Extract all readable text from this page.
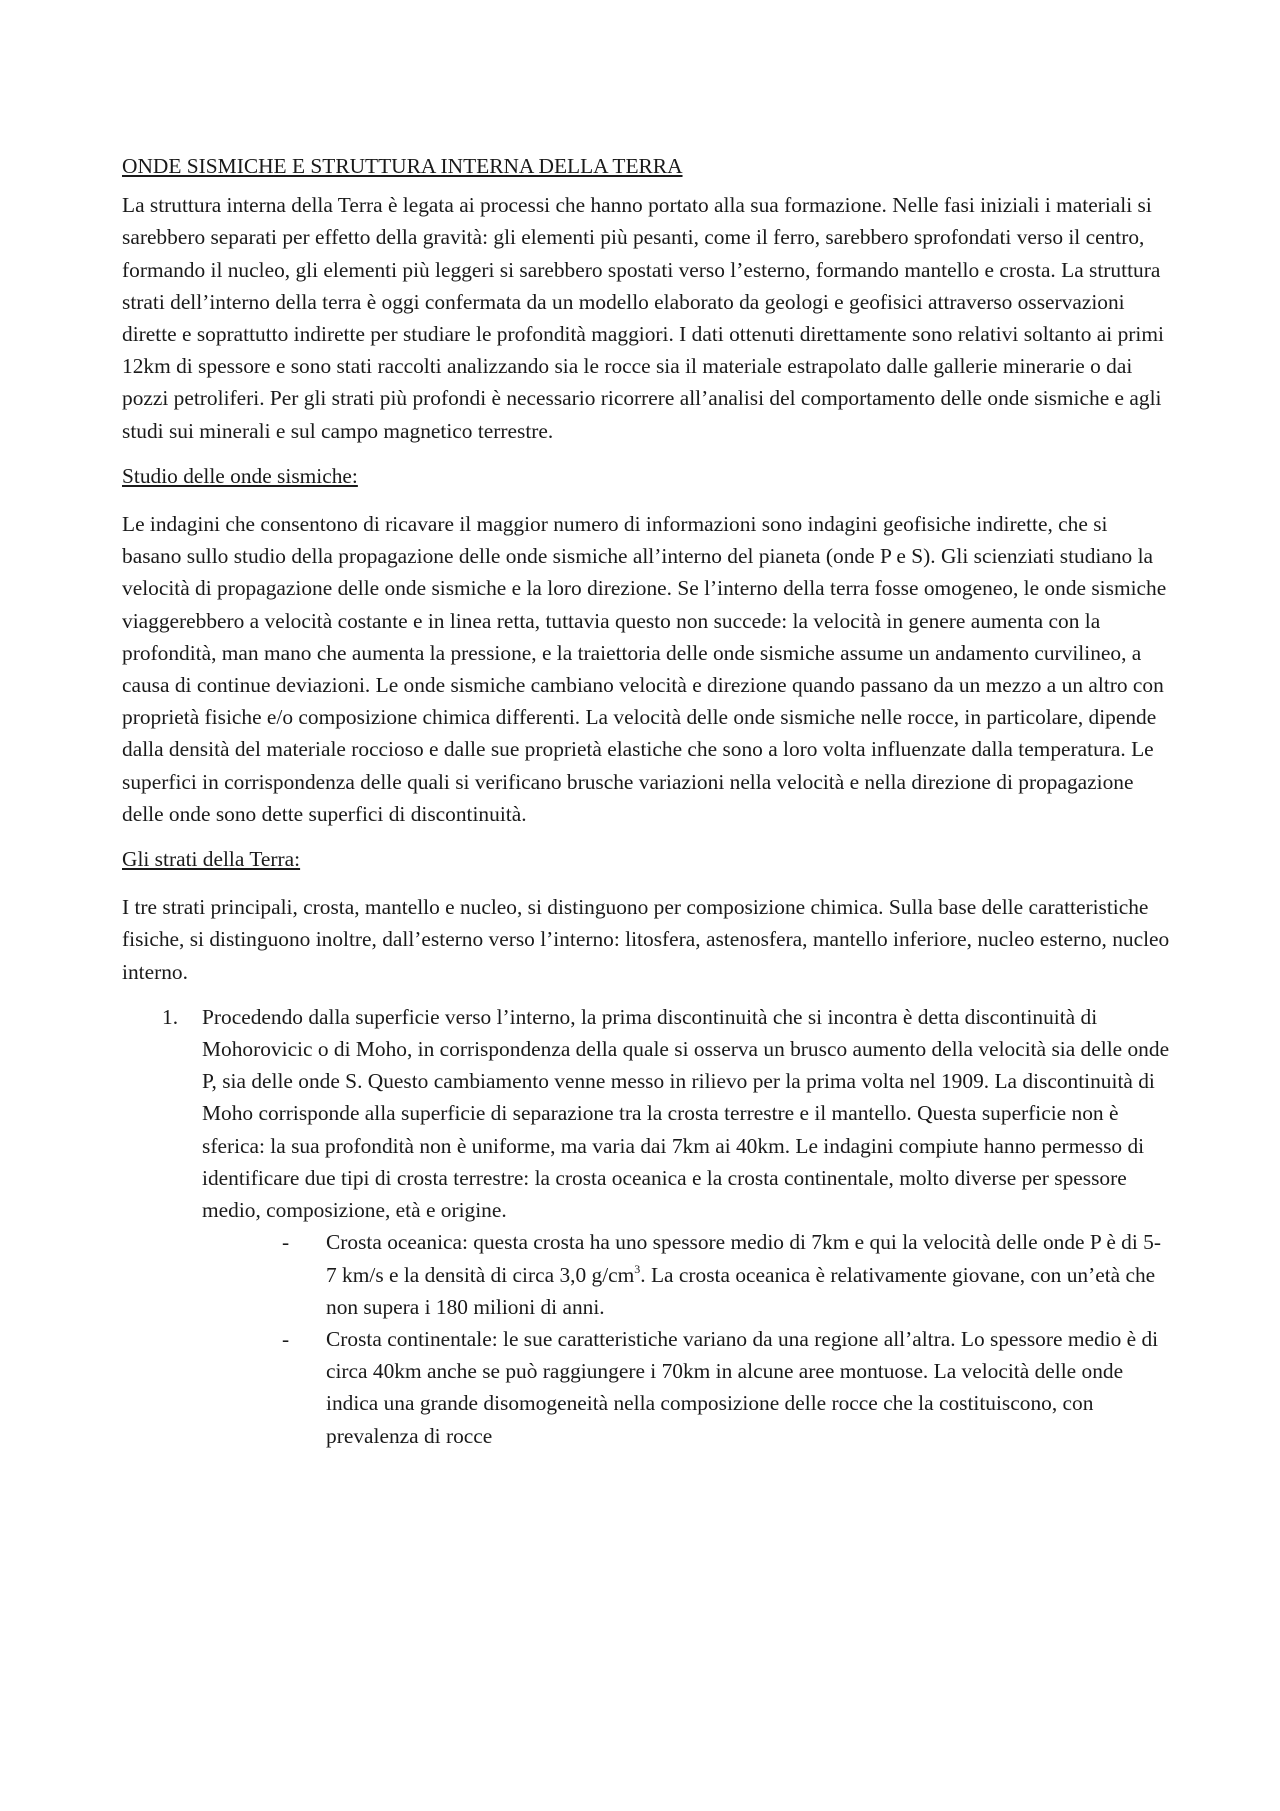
ONDE SISMICHE E STRUTTURA INTERNA DELLA TERRA

La struttura interna della Terra è legata ai processi che hanno portato alla sua formazione. Nelle fasi iniziali i materiali si sarebbero separati per effetto della gravità: gli elementi più pesanti, come il ferro, sarebbero sprofondati verso il centro, formando il nucleo, gli elementi più leggeri si sarebbero spostati verso l’esterno, formando mantello e crosta. La struttura strati dell’interno della terra è oggi confermata da un modello elaborato da geologi e geofisici attraverso osservazioni dirette e soprattutto indirette per studiare le profondità maggiori. I dati ottenuti direttamente sono relativi soltanto ai primi 12km di spessore e sono stati raccolti analizzando sia le rocce sia il materiale estrapolato dalle gallerie minerarie o dai pozzi petroliferi. Per gli strati più profondi è necessario ricorrere all’analisi del comportamento delle onde sismiche e agli studi sui minerali e sul campo magnetico terrestre.

Studio delle onde sismiche:

Le indagini che consentono di ricavare il maggior numero di informazioni sono indagini geofisiche indirette, che si basano sullo studio della propagazione delle onde sismiche all’interno del pianeta (onde P e S). Gli scienziati studiano la velocità di propagazione delle onde sismiche e la loro direzione. Se l’interno della terra fosse omogeneo, le onde sismiche viaggerebbero a velocità costante e in linea retta, tuttavia questo non succede: la velocità in genere aumenta con la profondità, man mano che aumenta la pressione, e la traiettoria delle onde sismiche assume un andamento curvilineo, a causa di continue deviazioni. Le onde sismiche cambiano velocità e direzione quando passano da un mezzo a un altro con proprietà fisiche e/o composizione chimica differenti. La velocità delle onde sismiche nelle rocce, in particolare, dipende dalla densità del materiale roccioso e dalle sue proprietà elastiche che sono a loro volta influenzate dalla temperatura. Le superfici in corrispondenza delle quali si verificano brusche variazioni nella velocità e nella direzione di propagazione delle onde sono dette superfici di discontinuità.

Gli strati della Terra:

I tre strati principali, crosta, mantello e nucleo, si distinguono per composizione chimica. Sulla base delle caratteristiche fisiche, si distinguono inoltre, dall’esterno verso l’interno: litosfera, astenosfera, mantello inferiore, nucleo esterno, nucleo interno.

1. Procedendo dalla superficie verso l’interno, la prima discontinuità che si incontra è detta discontinuità di Mohorovicic o di Moho, in corrispondenza della quale si osserva un brusco aumento della velocità sia delle onde P, sia delle onde S. Questo cambiamento venne messo in rilievo per la prima volta nel 1909. La discontinuità di Moho corrisponde alla superficie di separazione tra la crosta terrestre e il mantello. Questa superficie non è sferica: la sua profondità non è uniforme, ma varia dai 7km ai 40km. Le indagini compiute hanno permesso di identificare due tipi di crosta terrestre: la crosta oceanica e la crosta continentale, molto diverse per spessore medio, composizione, età e origine.
- Crosta oceanica: questa crosta ha uno spessore medio di 7km e qui la velocità delle onde P è di 5-7 km/s e la densità di circa 3,0 $g/cm^3$. La crosta oceanica è relativamente giovane, con un’età che non supera i 180 milioni di anni.
- Crosta continentale: le sue caratteristiche variano da una regione all’altra. Lo spessore medio è di circa 40km anche se può raggiungere i 70km in alcune aree montuose. La velocità delle onde indica una grande disomogeneità nella composizione delle rocce che la costituiscono, con prevalenza di rocce
